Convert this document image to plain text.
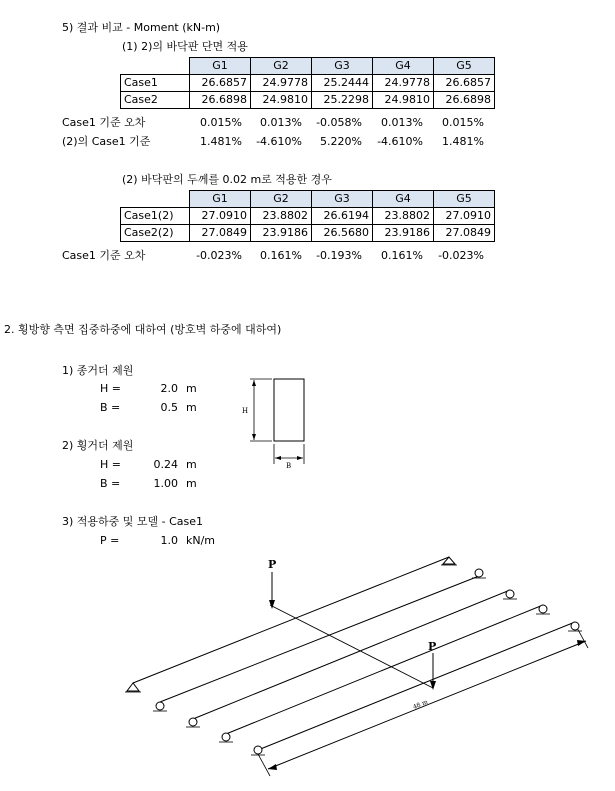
5) 결과 비교 - Moment (kN-m)
(1) 2)의 바닥판 단면 적용
	G1	G2	G3	G4	G5
Case1	26.6857	24.9778	25.2444	24.9778	26.6857
Case2	26.6898	24.9810	25.2298	24.9810	26.6898
Case1 기준 오차	0.015%	0.013%	-0.058%	0.013%	0.015%
(2)의 Case1 기준	1.481%	-4.610%	5.220%	-4.610%	1.481%
(2) 바닥판의 두께를 0.02 m로 적용한 경우
	G1	G2	G3	G4	G5
Case1(2)	27.0910	23.8802	26.6194	23.8802	27.0910
Case2(2)	27.0849	23.9186	26.5680	23.9186	27.0849
Case1 기준 오차	-0.023%	0.161%	-0.193%	0.161%	-0.023%
2. 횡방향 측면 집중하중에 대하여 (방호벽 하중에 대하여)
1) 종거더 제원
H =	2.0 m
B =	0.5 m
2) 횡거더 제원
H =	0.24 m
B =	1.00 m
3) 적용하중 및 모델 - Case1
P =	1.0 kN/m
H
B
P
P
48 m
